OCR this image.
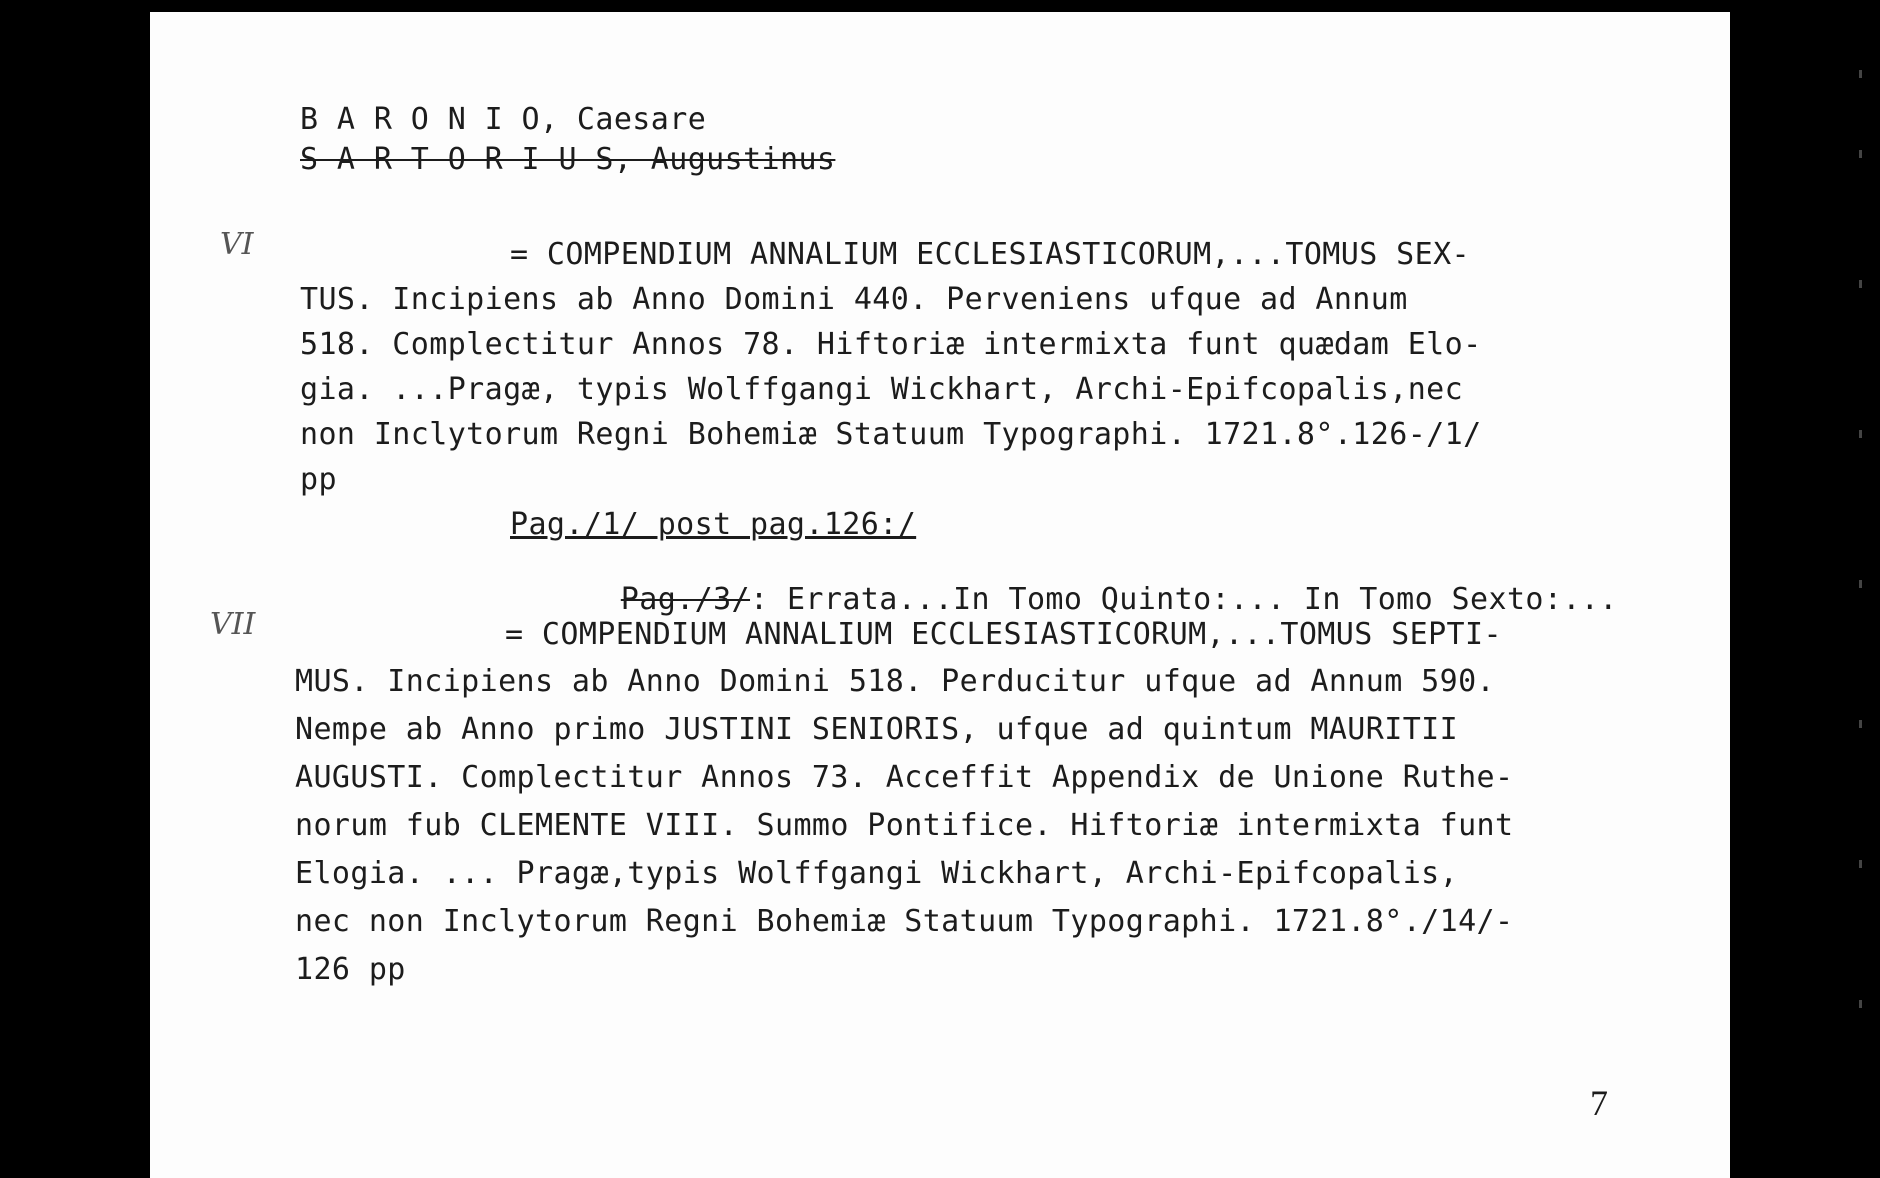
B A R O N I O, Caesare
S A R T O R I U S, Augustinus
VI	= COMPENDIUM ANNALIUM ECCLESIASTICORUM,...TOMUS SEX-
TUS. Incipiens ab Anno Domini 440. Perveniens ufque ad Annum
518. Complectitur Annos 78. Hiftoriæ intermixta funt quædam Elo-
gia. ...Pragæ, typis Wolffgangi Wickhart, Archi-Epifcopalis,nec
non Inclytorum Regni Bohemiæ Statuum Typographi. 1721.8°.126-/1/
pp
Pag./1/ post pag.126:/

Pag./3/: Errata...In Tomo Quinto:... In Tomo Sexto:...

VII	= COMPENDIUM ANNALIUM ECCLESIASTICORUM,...TOMUS SEPTI-
MUS. Incipiens ab Anno Domini 518. Perducitur ufque ad Annum 590.
Nempe ab Anno primo JUSTINI SENIORIS, ufque ad quintum MAURITII
AUGUSTI. Complectitur Annos 73. Acceffit Appendix de Unione Ruthe-
norum fub CLEMENTE VIII. Summo Pontifice. Hiftoriæ intermixta funt
Elogia. ... Pragæ,typis Wolffgangi Wickhart, Archi-Epifcopalis,
nec non Inclytorum Regni Bohemiæ Statuum Typographi. 1721.8°./14/-
126 pp
7
